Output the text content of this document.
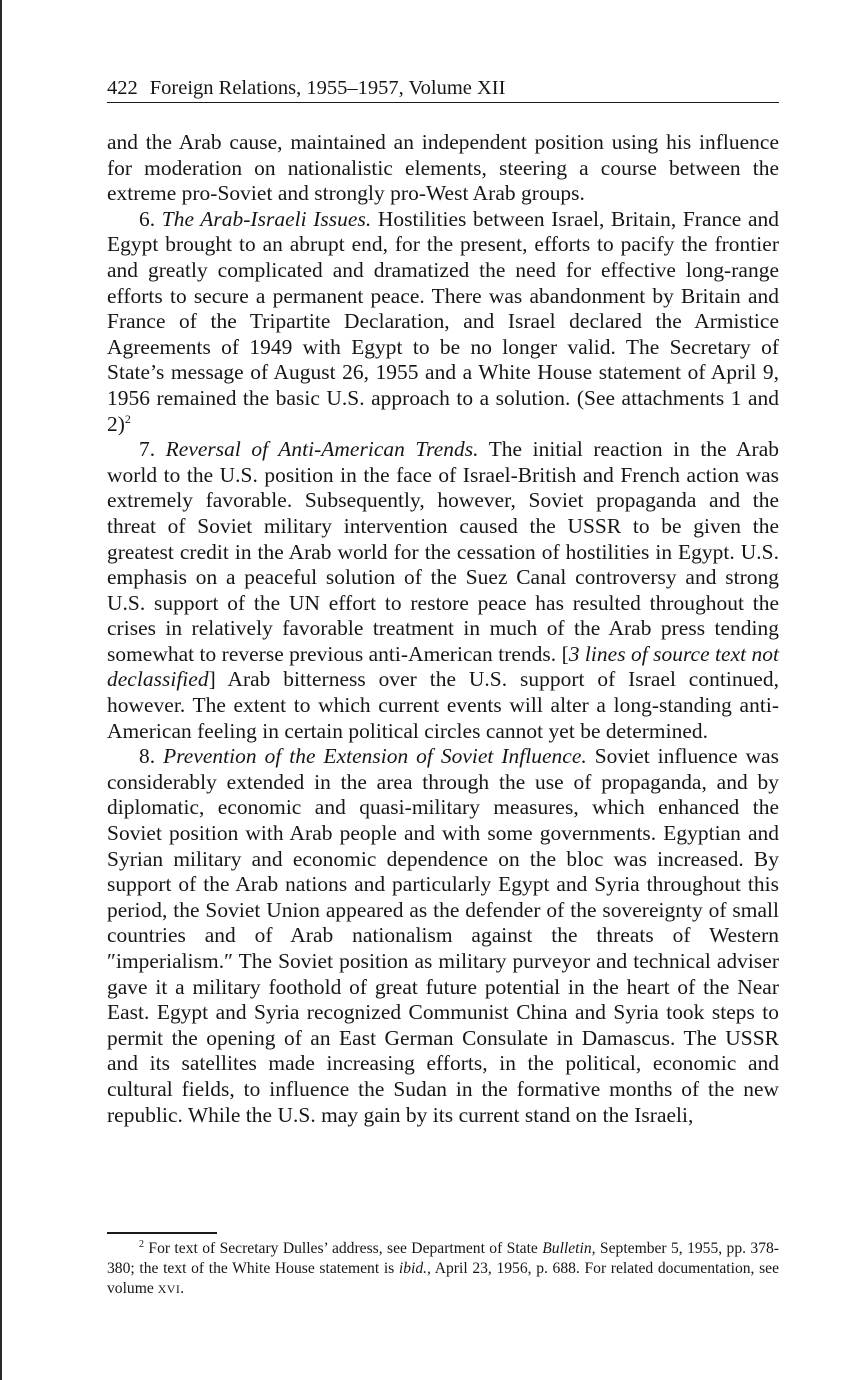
422 Foreign Relations, 1955–1957, Volume XII

and the Arab cause, maintained an independent position using his influence for moderation on nationalistic elements, steering a course between the extreme pro-Soviet and strongly pro-West Arab groups.

6. The Arab-Israeli Issues. Hostilities between Israel, Britain, France and Egypt brought to an abrupt end, for the present, efforts to pacify the frontier and greatly complicated and dramatized the need for effective long-range efforts to secure a permanent peace. There was abandonment by Britain and France of the Tripartite Declaration, and Israel declared the Armistice Agreements of 1949 with Egypt to be no longer valid. The Secretary of State’s message of August 26, 1955 and a White House statement of April 9, 1956 remained the basic U.S. approach to a solution. (See attachments 1 and 2)$^2$

7. Reversal of Anti-American Trends. The initial reaction in the Arab world to the U.S. position in the face of Israel-British and French action was extremely favorable. Subsequently, however, Soviet propaganda and the threat of Soviet military intervention caused the USSR to be given the greatest credit in the Arab world for the cessation of hostilities in Egypt. U.S. emphasis on a peaceful solution of the Suez Canal controversy and strong U.S. support of the UN effort to restore peace has resulted throughout the crises in relatively favorable treatment in much of the Arab press tending somewhat to reverse previous anti-American trends. [3 lines of source text not declassified] Arab bitterness over the U.S. support of Israel continued, however. The extent to which current events will alter a long-standing anti-American feeling in certain political circles cannot yet be determined.

8. Prevention of the Extension of Soviet Influence. Soviet influence was considerably extended in the area through the use of propaganda, and by diplomatic, economic and quasi-military measures, which enhanced the Soviet position with Arab people and with some governments. Egyptian and Syrian military and economic dependence on the bloc was increased. By support of the Arab nations and particularly Egypt and Syria throughout this period, the Soviet Union appeared as the defender of the sovereignty of small countries and of Arab nationalism against the threats of Western ″imperialism.″ The Soviet position as military purveyor and technical adviser gave it a military foothold of great future potential in the heart of the Near East. Egypt and Syria recognized Communist China and Syria took steps to permit the opening of an East German Consulate in Damascus. The USSR and its satellites made increasing efforts, in the political, economic and cultural fields, to influence the Sudan in the formative months of the new republic. While the U.S. may gain by its current stand on the Israeli,

$^2$ For text of Secretary Dulles’ address, see Department of State Bulletin, September 5, 1955, pp. 378-380; the text of the White House statement is ibid., April 23, 1956, p. 688. For related documentation, see volume XVI.
